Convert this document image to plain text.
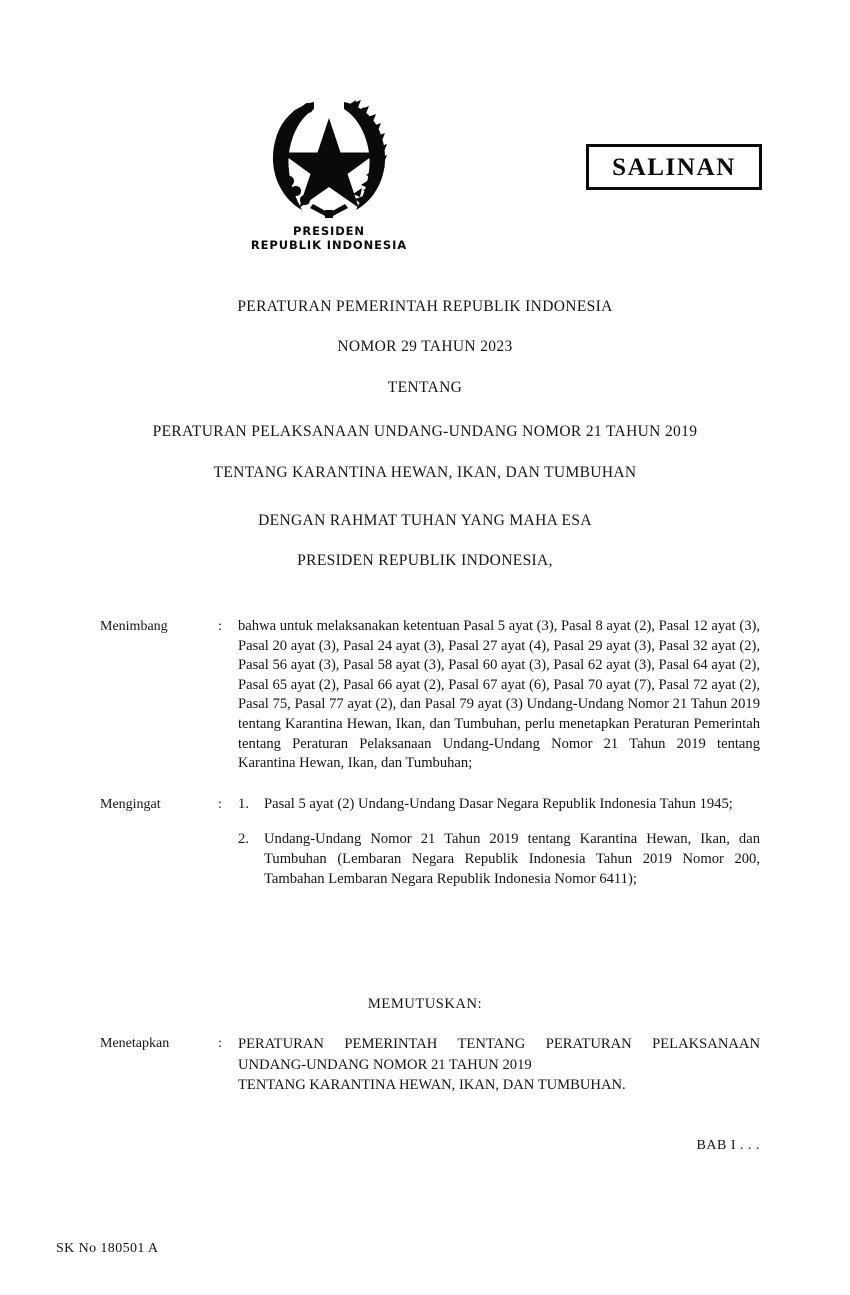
PRESIDEN
REPUBLIK INDONESIA
SALINAN
PERATURAN PEMERINTAH REPUBLIK INDONESIA
NOMOR 29 TAHUN 2023
TENTANG
PERATURAN PELAKSANAAN UNDANG-UNDANG NOMOR 21 TAHUN 2019
TENTANG KARANTINA HEWAN, IKAN, DAN TUMBUHAN
DENGAN RAHMAT TUHAN YANG MAHA ESA
PRESIDEN REPUBLIK INDONESIA,
Menimbang	:	bahwa untuk melaksanakan ketentuan Pasal 5 ayat (3), Pasal 8 ayat (2), Pasal 12 ayat (3), Pasal 20 ayat (3), Pasal 24 ayat (3), Pasal 27 ayat (4), Pasal 29 ayat (3), Pasal 32 ayat (2), Pasal 56 ayat (3), Pasal 58 ayat (3), Pasal 60 ayat (3), Pasal 62 ayat (3), Pasal 64 ayat (2), Pasal 65 ayat (2), Pasal 66 ayat (2), Pasal 67 ayat (6), Pasal 70 ayat (7), Pasal 72 ayat (2), Pasal 75, Pasal 77 ayat (2), dan Pasal 79 ayat (3) Undang-Undang Nomor 21 Tahun 2019 tentang Karantina Hewan, Ikan, dan Tumbuhan, perlu menetapkan Peraturan Pemerintah tentang Peraturan Pelaksanaan Undang-Undang Nomor 21 Tahun 2019 tentang Karantina Hewan, Ikan, dan Tumbuhan;
Mengingat	:	1.	Pasal 5 ayat (2) Undang-Undang Dasar Negara Republik Indonesia Tahun 1945;
2.	Undang-Undang Nomor 21 Tahun 2019 tentang Karantina Hewan, Ikan, dan Tumbuhan (Lembaran Negara Republik Indonesia Tahun 2019 Nomor 200, Tambahan Lembaran Negara Republik Indonesia Nomor 6411);
MEMUTUSKAN:
Menetapkan	:	PERATURAN PEMERINTAH TENTANG PERATURAN PELAKSANAAN UNDANG-UNDANG NOMOR 21 TAHUN 2019
TENTANG KARANTINA HEWAN, IKAN, DAN TUMBUHAN.
BAB I . . .
SK No 180501 A
